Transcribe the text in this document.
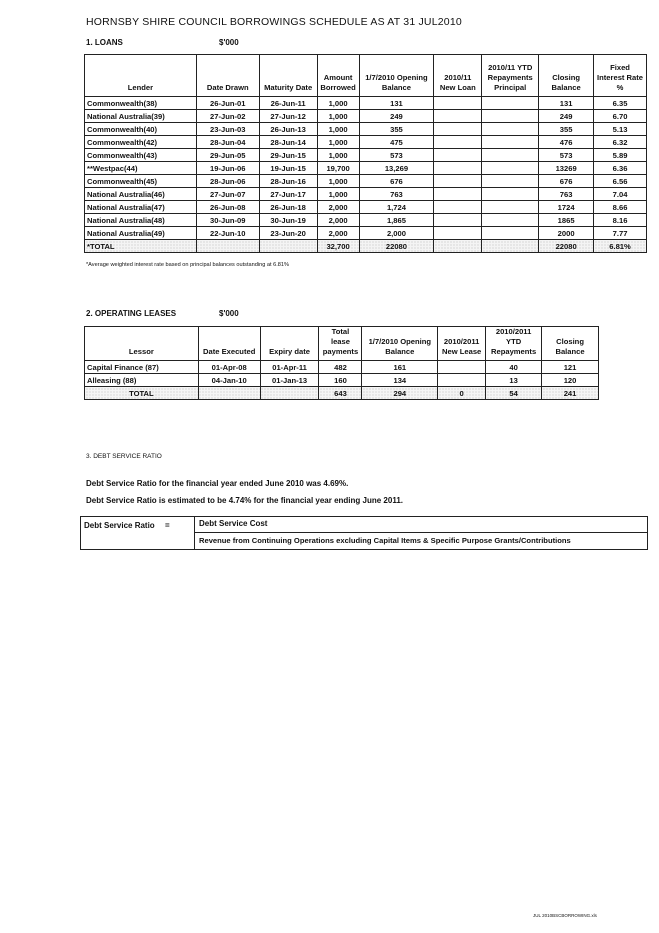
HORNSBY SHIRE COUNCIL BORROWINGS SCHEDULE AS AT 31 JUL2010
1. LOANS	$'000
Lender	Date Drawn	Maturity Date	Amount Borrowed	1/7/2010 Opening Balance	2010/11 New Loan	2010/11 YTD Repayments Principal	Closing Balance	Fixed Interest Rate %
Commonwealth(38)	26-Jun-01	26-Jun-11	1,000	131			131	6.35
National Australia(39)	27-Jun-02	27-Jun-12	1,000	249			249	6.70
Commonwealth(40)	23-Jun-03	26-Jun-13	1,000	355			355	5.13
Commonwealth(42)	28-Jun-04	28-Jun-14	1,000	475			476	6.32
Commonwealth(43)	29-Jun-05	29-Jun-15	1,000	573			573	5.89
**Westpac(44)	19-Jun-06	19-Jun-15	19,700	13,269			13269	6.36
Commonwealth(45)	28-Jun-06	28-Jun-16	1,000	676			676	6.56
National Australia(46)	27-Jun-07	27-Jun-17	1,000	763			763	7.04
National Australia(47)	26-Jun-08	26-Jun-18	2,000	1,724			1724	8.66
National Australia(48)	30-Jun-09	30-Jun-19	2,000	1,865			1865	8.16
National Australia(49)	22-Jun-10	23-Jun-20	2,000	2,000			2000	7.77
*TOTAL			32,700	22080			22080	6.81%
*Average weighted interest rate based on principal balances outstanding at 6.81%
2. OPERATING LEASES	$'000
Lessor	Date Executed	Expiry date	Total lease payments	1/7/2010 Opening Balance	2010/2011 New Lease	2010/2011 YTD Repayments	Closing Balance
Capital Finance (87)	01-Apr-08	01-Apr-11	482	161		40	121
Alleasing (88)	04-Jan-10	01-Jan-13	160	134		13	120
TOTAL			643	294	0	54	241
3. DEBT SERVICE RATIO
Debt Service Ratio for the financial year ended June 2010 was 4.69%.
Debt Service Ratio is estimated to be 4.74% for the financial year ending June 2011.
Debt Service Ratio =	Debt Service Cost
Revenue from Continuing Operations excluding Capital Items & Specific Purpose Grants/Contributions
JUL 2010BSCBORROWING.xls
